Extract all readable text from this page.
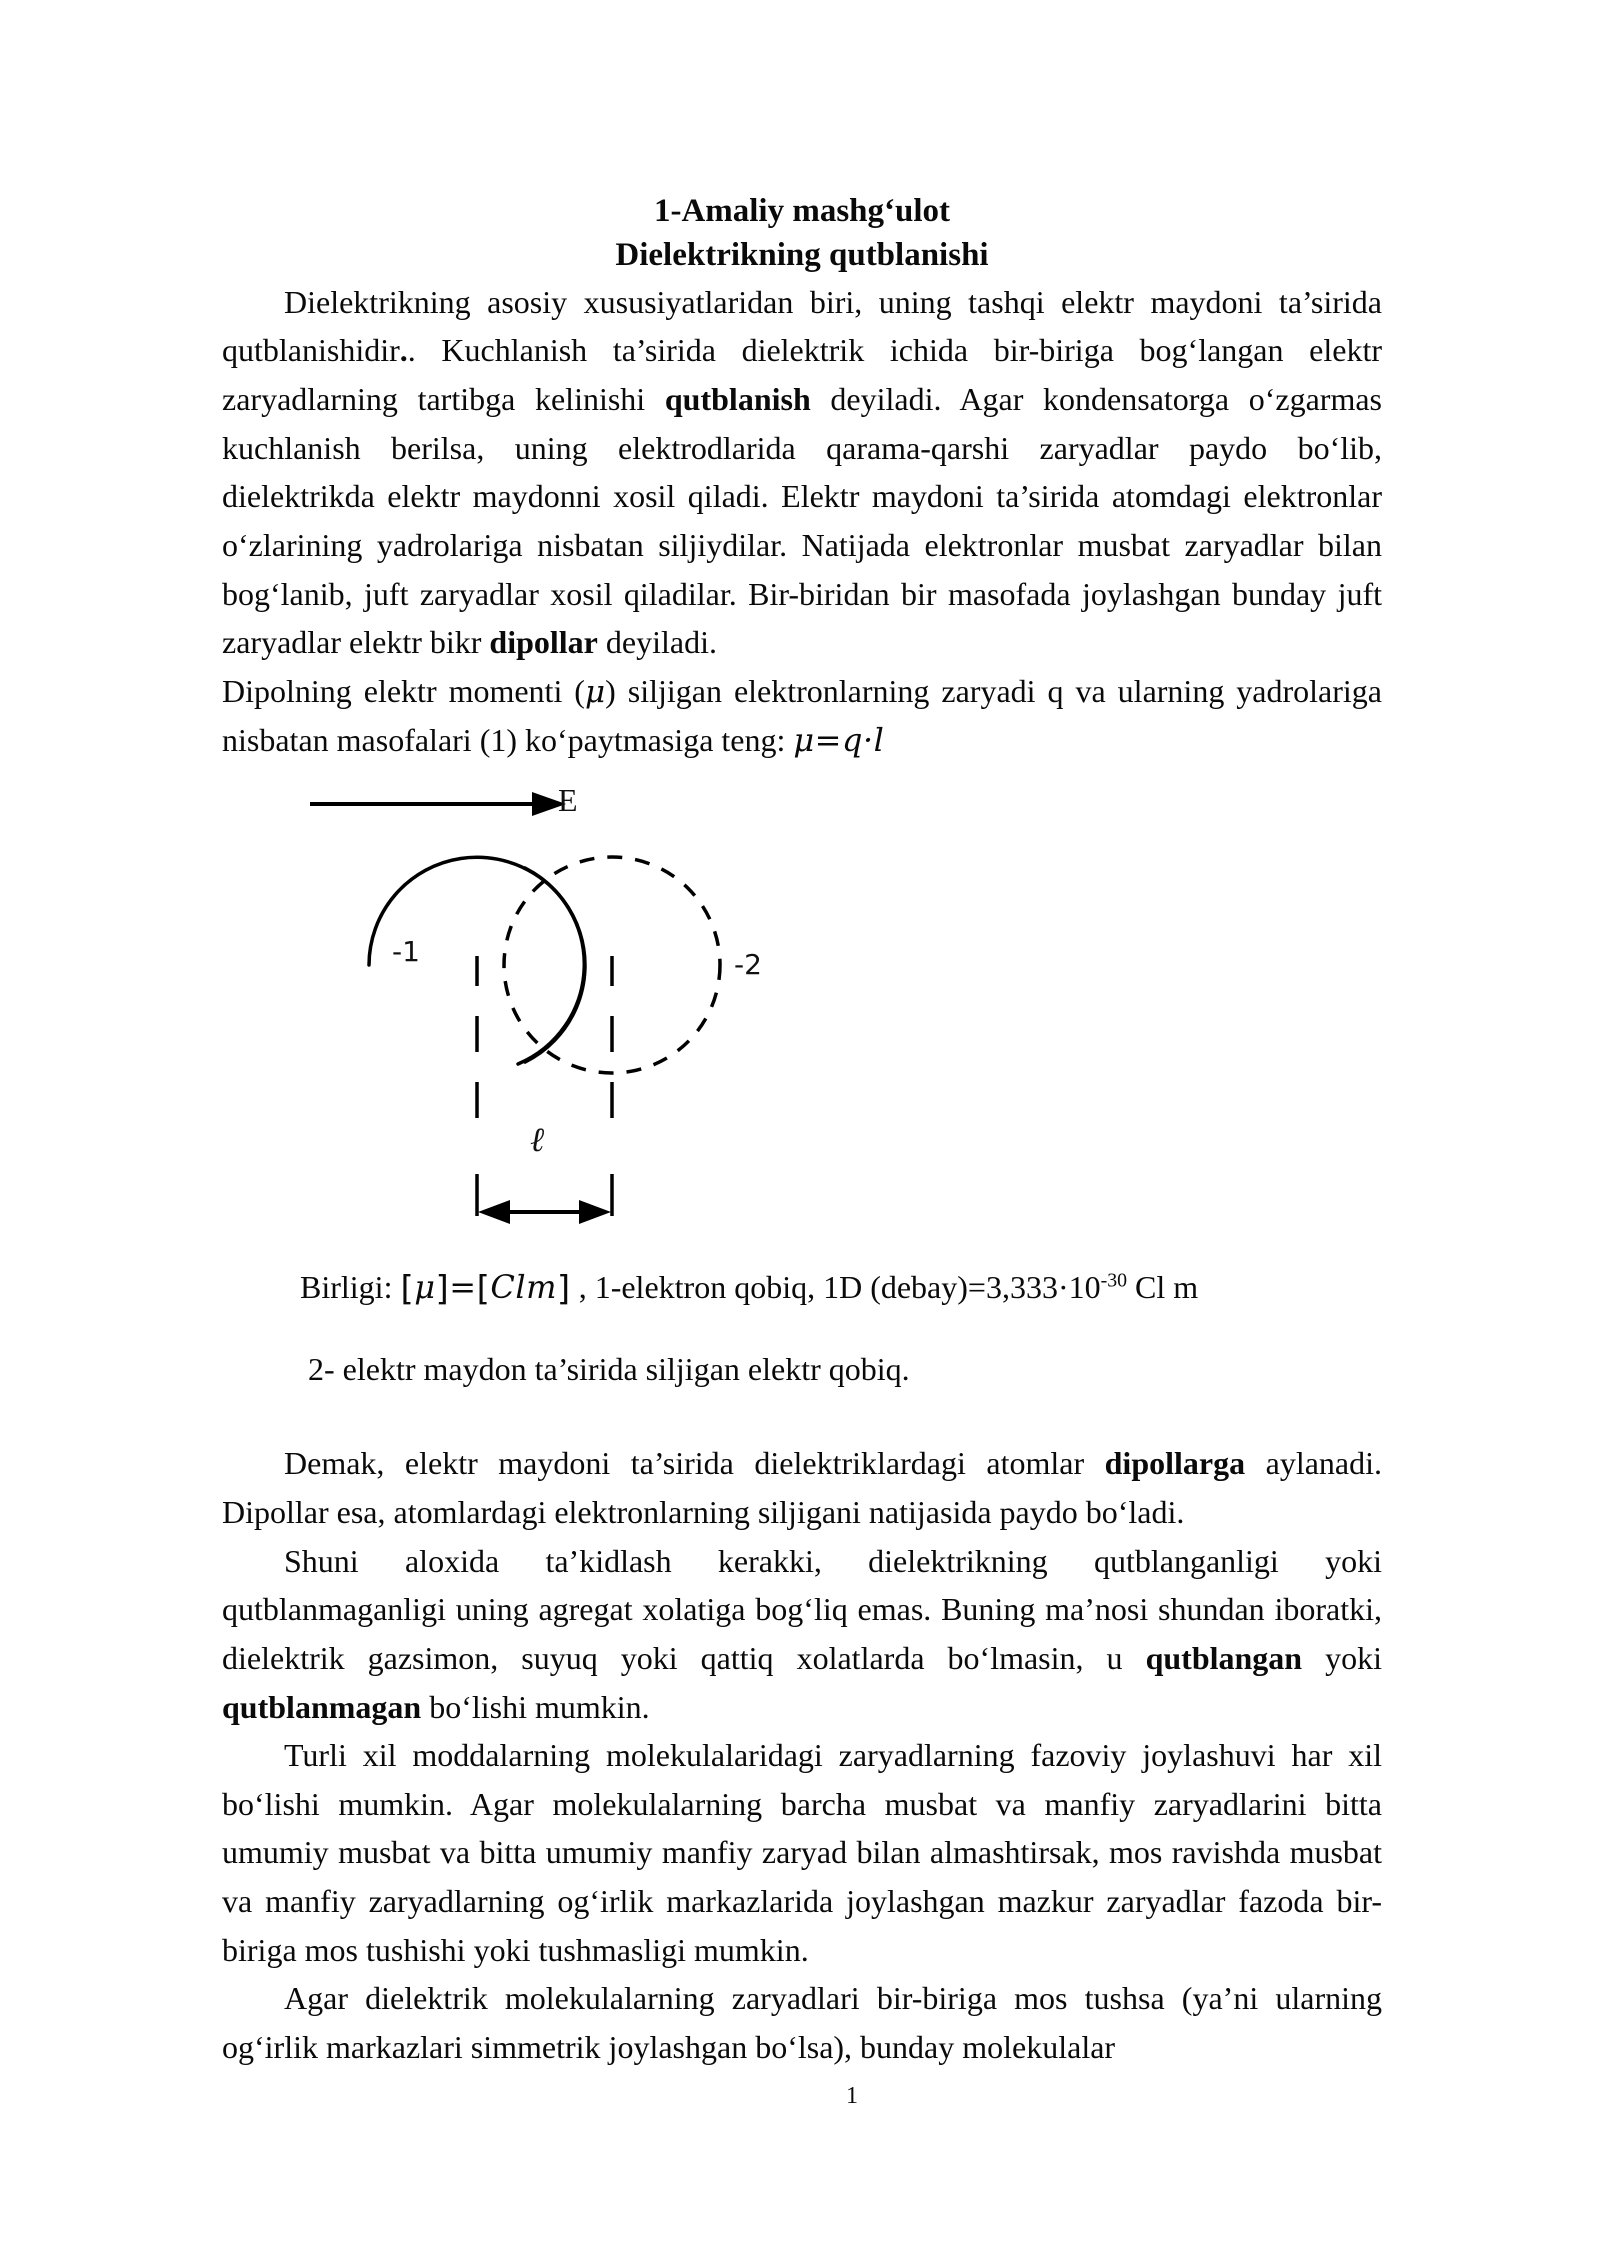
1-Amaliy mashg‘ulot
Dielektrikning qutblanishi

Dielektrikning asosiy xususiyatlaridan biri, uning tashqi elektr maydoni ta’sirida qutblanishidir.. Kuchlanish ta’sirida dielektrik ichida bir-biriga bog‘langan elektr zaryadlarning tartibga kelinishi qutblanish deyiladi. Agar kondensatorga o‘zgarmas kuchlanish berilsa, uning elektrodlarida qarama-qarshi zaryadlar paydo bo‘lib, dielektrikda elektr maydonni xosil qiladi. Elektr maydoni ta’sirida atomdagi elektronlar o‘zlarining yadrolariga nisbatan siljiydilar. Natijada elektronlar musbat zaryadlar bilan bog‘lanib, juft zaryadlar xosil qiladilar. Bir-biridan bir masofada joylashgan bunday juft zaryadlar elektr bikr dipollar deyiladi.

Dipolning elektr momenti (μ) siljigan elektronlarning zaryadi q va ularning yadrolariga nisbatan masofalari (1) ko‘paytmasiga teng: μ=q·l

E
-1	-2
ℓ

Birligi: [μ]=[Clm] , 1-elektron qobiq, 1D $(debay)=3,333\cdot 10^{-30}$ Cl m

2- elektr maydon ta’sirida siljigan elektr qobiq.

Demak, elektr maydoni ta’sirida dielektriklardagi atomlar dipollarga aylanadi. Dipollar esa, atomlardagi elektronlarning siljigani natijasida paydo bo‘ladi.

Shuni aloxida ta’kidlash kerakki, dielektrikning qutblanganligi yoki qutblanmaganligi uning agregat xolatiga bog‘liq emas. Buning ma’nosi shundan iboratki, dielektrik gazsimon, suyuq yoki qattiq xolatlarda bo‘lmasin, u qutblangan yoki qutblanmagan bo‘lishi mumkin.

Turli xil moddalarning molekulalaridagi zaryadlarning fazoviy joylashuvi har xil bo‘lishi mumkin. Agar molekulalarning barcha musbat va manfiy zaryadlarini bitta umumiy musbat va bitta umumiy manfiy zaryad bilan almashtirsak, mos ravishda musbat va manfiy zaryadlarning og‘irlik markazlarida joylashgan mazkur zaryadlar fazoda bir-biriga mos tushishi yoki tushmasligi mumkin.

Agar dielektrik molekulalarning zaryadlari bir-biriga mos tushsa (ya’ni ularning og‘irlik markazlari simmetrik joylashgan bo‘lsa), bunday molekulalar

1
